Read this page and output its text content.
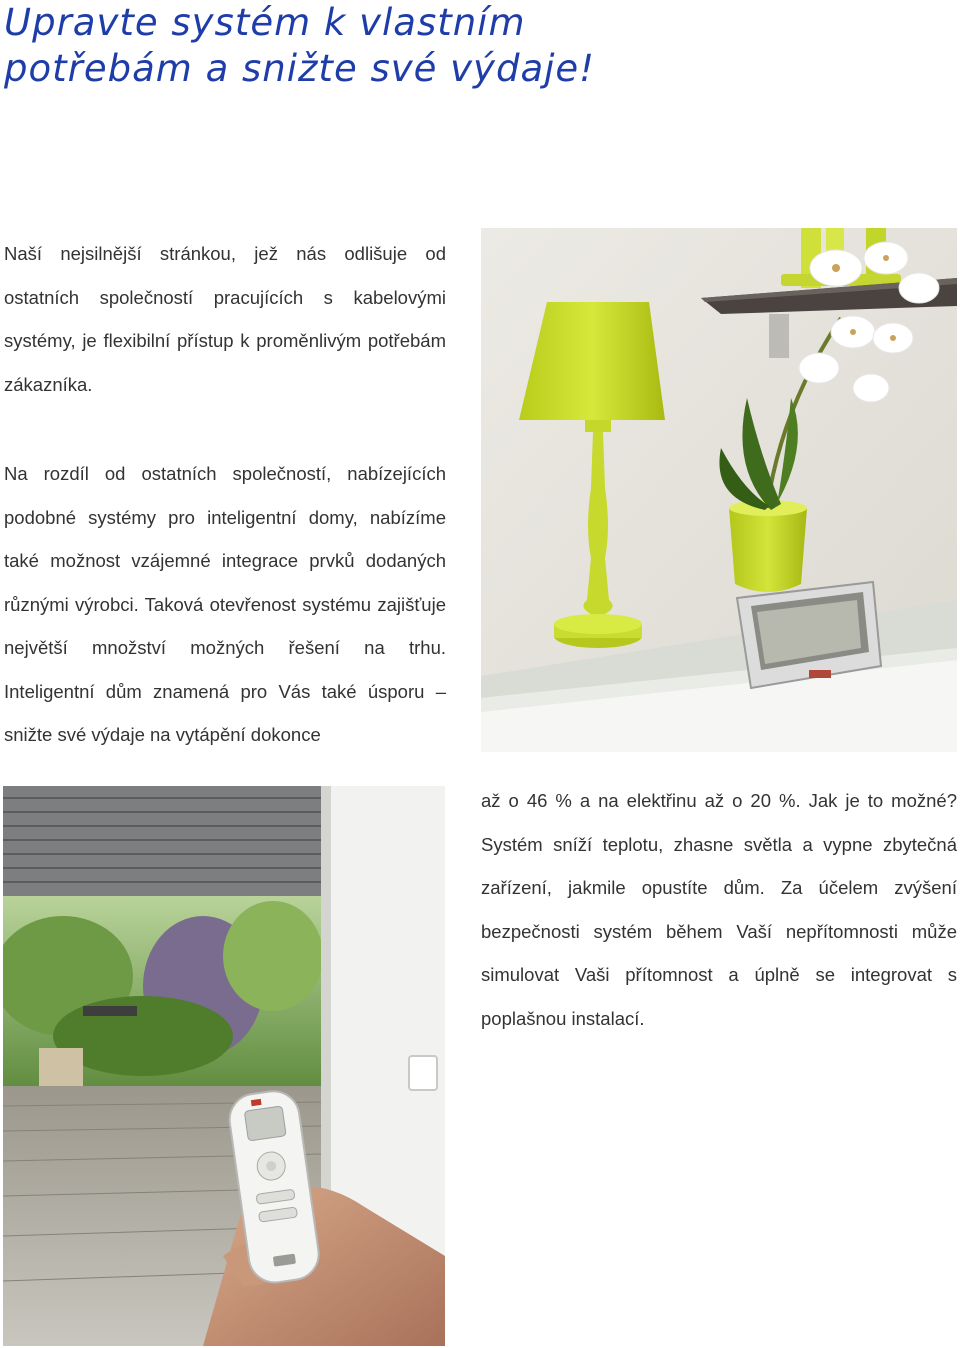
Upravte systém k vlastním
potřebám a snižte své výdaje!

Naší nejsilnější stránkou, jež nás odlišuje od ostatních společností pracujících s kabelovými systémy, je flexibilní přístup k proměnlivým potřebám zákazníka.

Na rozdíl od ostatních společností, nabízejících podobné systémy pro inteligentní domy, nabízíme také možnost vzájemné integrace prvků dodaných různými výrobci. Taková otevřenost systému zajišťuje největší množství možných řešení na trhu. Inteligentní dům znamená pro Vás také úsporu – snižte své výdaje na vytápění dokonce

až o 46 % a na elektřinu až o 20 %. Jak je to možné? Systém sníží teplotu, zhasne světla a vypne zbytečná zařízení, jakmile opustíte dům. Za účelem zvýšení bezpečnosti systém během Vaší nepřítomnosti může simulovat Vaši přítomnost a úplně se integrovat s poplašnou instalací.
